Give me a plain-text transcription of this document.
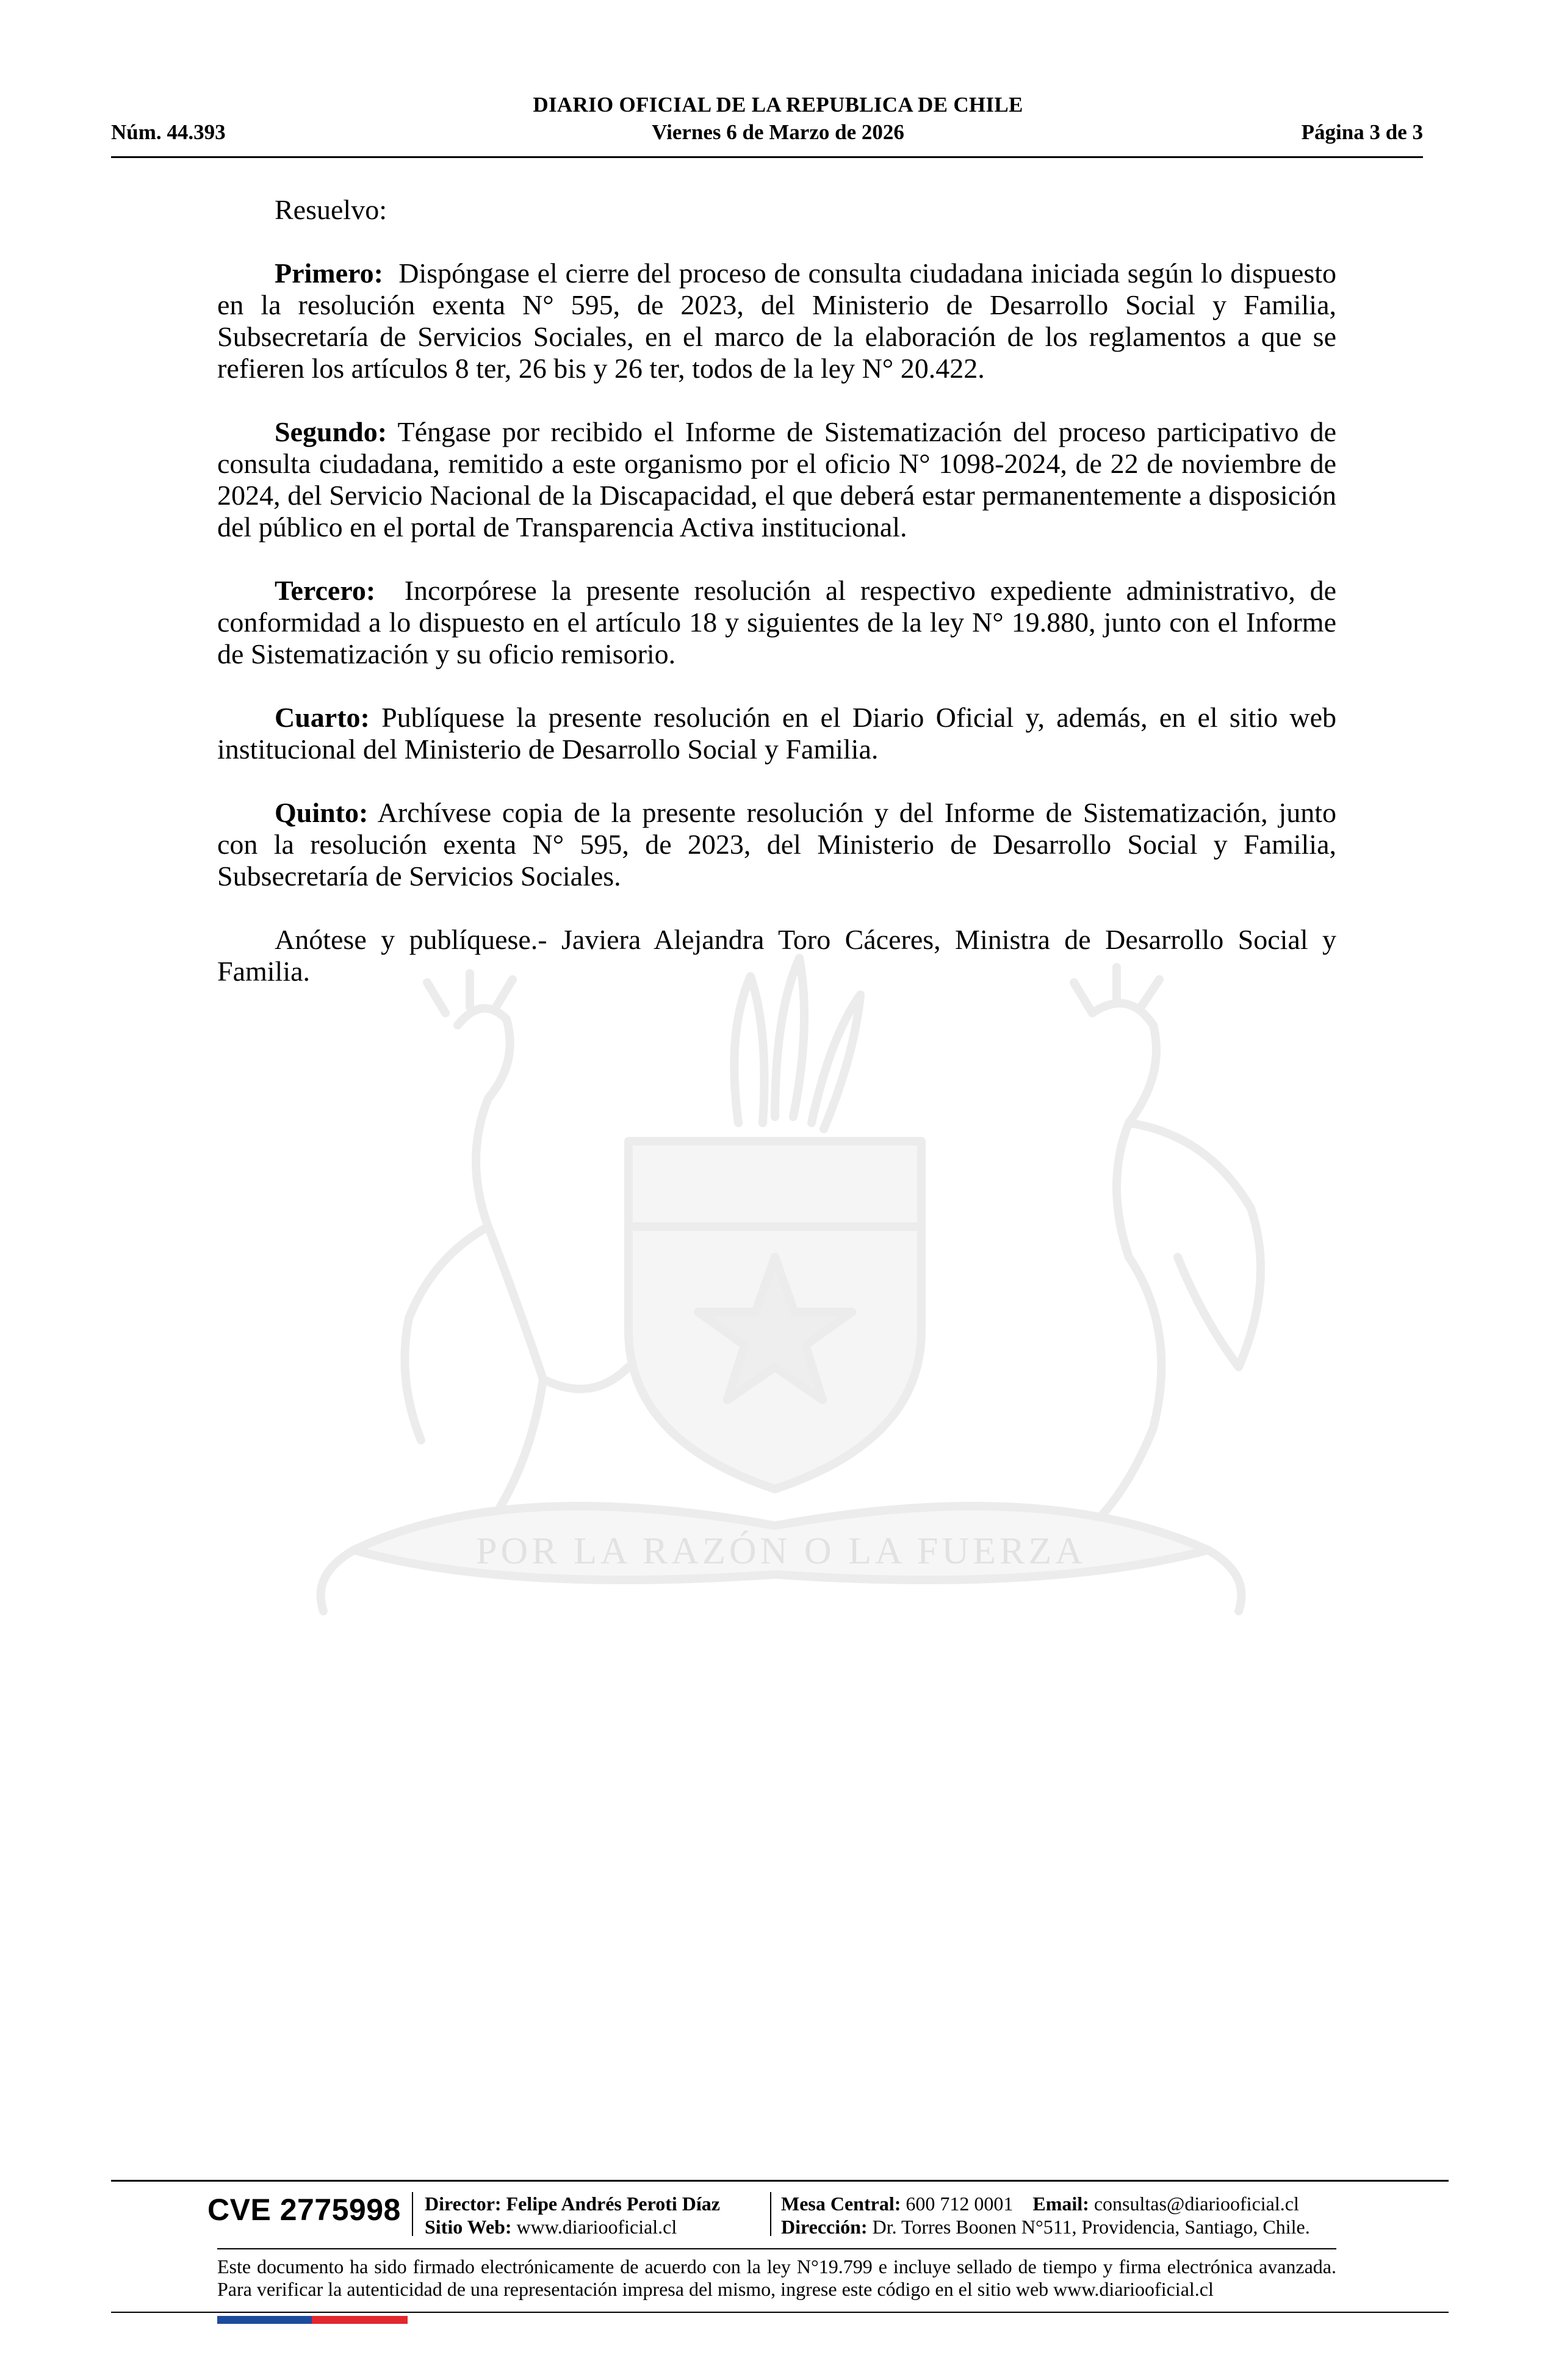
DIARIO OFICIAL DE LA REPUBLICA DE CHILE
Núm. 44.393	Viernes 6 de Marzo de 2026	Página 3 de 3
POR LA RAZÓN O LA FUERZA

Resuelvo:

Primero: Dispóngase el cierre del proceso de consulta ciudadana iniciada según lo dispuesto en la resolución exenta N° 595, de 2023, del Ministerio de Desarrollo Social y Familia, Subsecretaría de Servicios Sociales, en el marco de la elaboración de los reglamentos a que se refieren los artículos 8 ter, 26 bis y 26 ter, todos de la ley N° 20.422.

Segundo: Téngase por recibido el Informe de Sistematización del proceso participativo de consulta ciudadana, remitido a este organismo por el oficio N° 1098-2024, de 22 de noviembre de 2024, del Servicio Nacional de la Discapacidad, el que deberá estar permanentemente a disposición del público en el portal de Transparencia Activa institucional.

Tercero: Incorpórese la presente resolución al respectivo expediente administrativo, de conformidad a lo dispuesto en el artículo 18 y siguientes de la ley N° 19.880, junto con el Informe de Sistematización y su oficio remisorio.

Cuarto: Publíquese la presente resolución en el Diario Oficial y, además, en el sitio web institucional del Ministerio de Desarrollo Social y Familia.

Quinto: Archívese copia de la presente resolución y del Informe de Sistematización, junto con la resolución exenta N° 595, de 2023, del Ministerio de Desarrollo Social y Familia, Subsecretaría de Servicios Sociales.

Anótese y publíquese.- Javiera Alejandra Toro Cáceres, Ministra de Desarrollo Social y Familia.

CVE 2775998 Director: Felipe Andrés Peroti Díaz
Sitio Web: www.diariooficial.cl
Mesa Central: 600 712 0001 Email: consultas@diariooficial.cl
Dirección: Dr. Torres Boonen N°511, Providencia, Santiago, Chile.
Este documento ha sido firmado electrónicamente de acuerdo con la ley N°19.799 e incluye sellado de tiempo y firma electrónica avanzada. Para verificar la autenticidad de una representación impresa del mismo, ingrese este código en el sitio web www.diariooficial.cl
